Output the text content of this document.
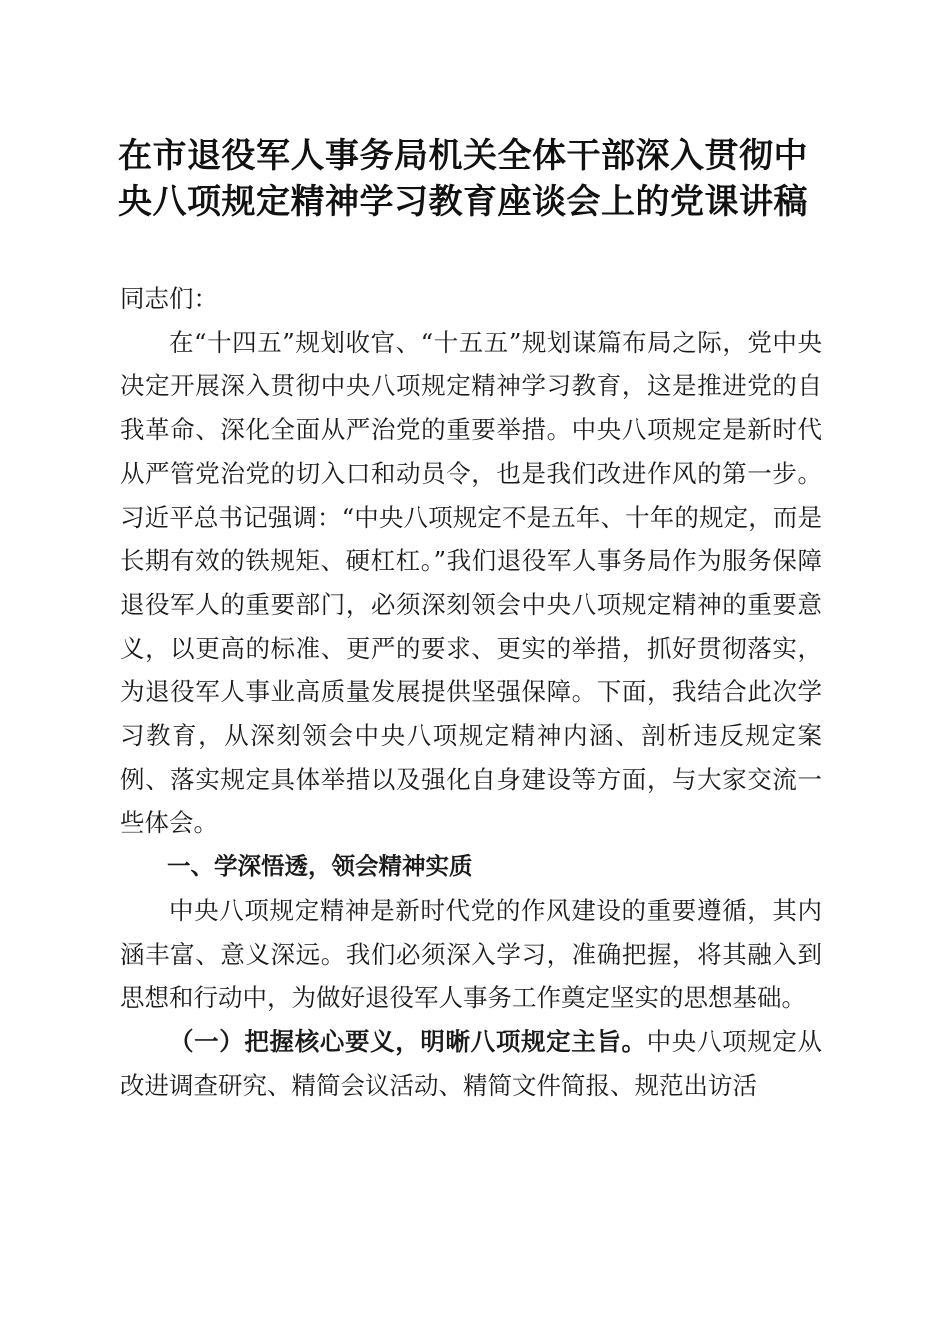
在市退役军人事务局机关全体干部深入贯彻中央八项规定精神学习教育座谈会上的党课讲稿

同志们：

在“十四五”规划收官、“十五五”规划谋篇布局之际，党中央决定开展深入贯彻中央八项规定精神学习教育，这是推进党的自我革命、深化全面从严治党的重要举措。中央八项规定是新时代从严管党治党的切入口和动员令，也是我们改进作风的第一步。习近平总书记强调：“中央八项规定不是五年、十年的规定，而是长期有效的铁规矩、硬杠杠。”我们退役军人事务局作为服务保障退役军人的重要部门，必须深刻领会中央八项规定精神的重要意义，以更高的标准、更严的要求、更实的举措，抓好贯彻落实，为退役军人事业高质量发展提供坚强保障。下面，我结合此次学习教育，从深刻领会中央八项规定精神内涵、剖析违反规定案例、落实规定具体举措以及强化自身建设等方面，与大家交流一些体会。

一、学深悟透，领会精神实质

中央八项规定精神是新时代党的作风建设的重要遵循，其内涵丰富、意义深远。我们必须深入学习，准确把握，将其融入到思想和行动中，为做好退役军人事务工作奠定坚实的思想基础。

（一）把握核心要义，明晰八项规定主旨。中央八项规定从改进调查研究、精简会议活动、精简文件简报、规范出访活
